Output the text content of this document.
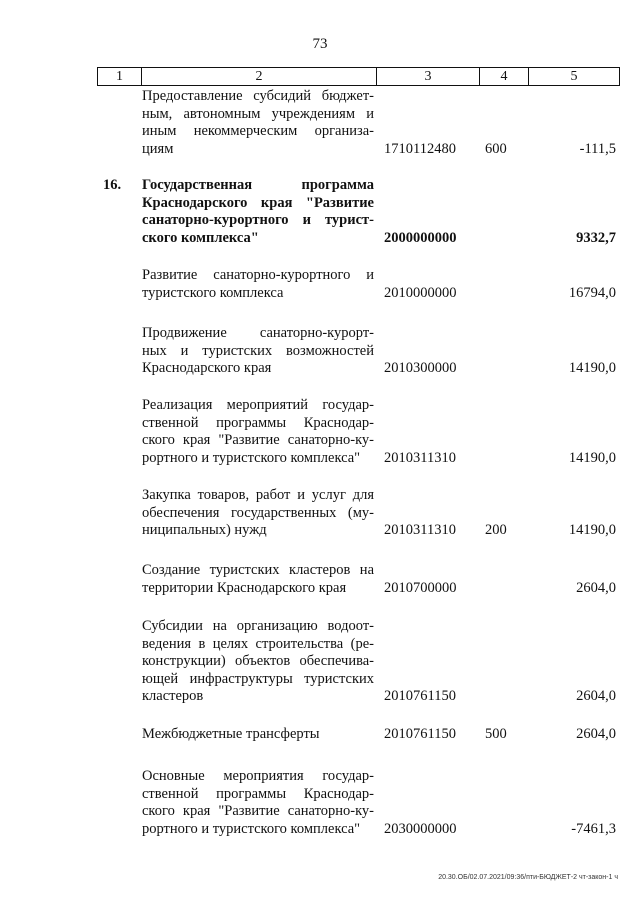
73
1	2	3	4	5
Предоставление субсидий бюджет-
ным, автономным учреждениям и
иным некоммерческим организа-
циям	1710112480 600	-111,5
16. Государственная программа
Краснодарского края "Развитие
санаторно-курортного и турист-
ского комплекса"	2000000000	9332,7
Развитие санаторно-курортного и
туристского комплекса	2010000000	16794,0
Продвижение санаторно-курорт-
ных и туристских возможностей
Краснодарского края	2010300000	14190,0
Реализация мероприятий государ-
ственной программы Краснодар-
ского края "Развитие санаторно-ку-
рортного и туристского комплекса"	2010311310	14190,0
Закупка товаров, работ и услуг для
обеспечения государственных (му-
ниципальных) нужд	2010311310 200	14190,0
Создание туристских кластеров на
территории Краснодарского края	2010700000	2604,0
Субсидии на организацию водоот-
ведения в целях строительства (ре-
конструкции) объектов обеспечива-
ющей инфраструктуры туристских
кластеров	2010761150	2604,0
Межбюджетные трансферты	2010761150 500	2604,0
Основные мероприятия государ-
ственной программы Краснодар-
ского края "Развитие санаторно-ку-
рортного и туристского комплекса"	2030000000	-7461,3
20.30.OБ/02.07.2021/09:36/пти-БЮДЖЕТ-2 чт-закон-1 ч
